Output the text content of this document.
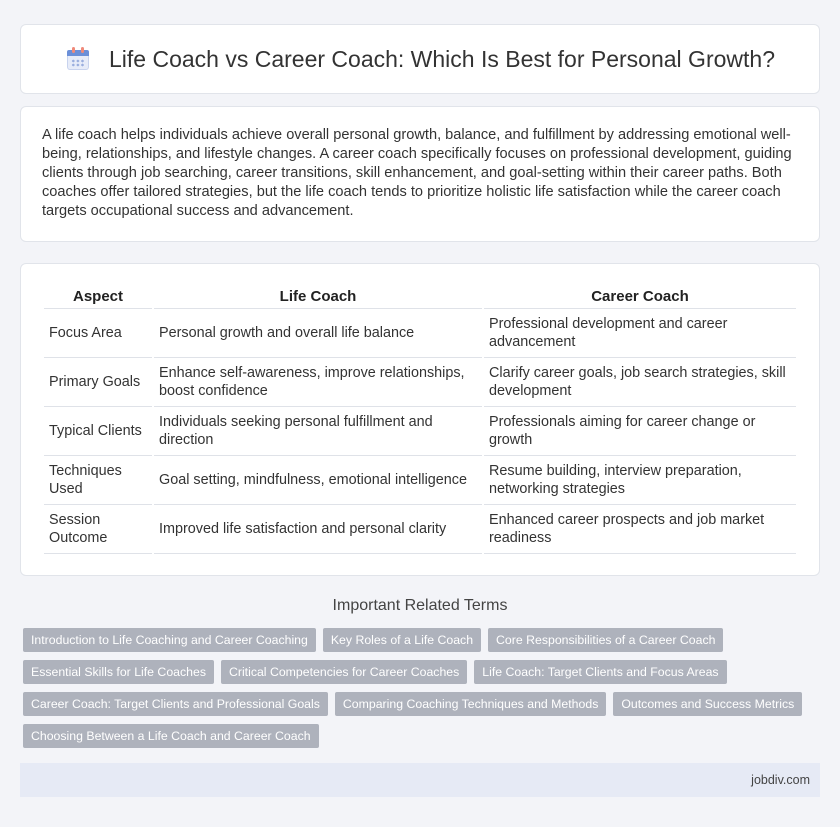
Life Coach vs Career Coach: Which Is Best for Personal Growth?

A life coach helps individuals achieve overall personal growth, balance, and fulfillment by addressing emotional well-being, relationships, and lifestyle changes. A career coach specifically focuses on professional development, guiding clients through job searching, career transitions, skill enhancement, and goal-setting within their career paths. Both coaches offer tailored strategies, but the life coach tends to prioritize holistic life satisfaction while the career coach targets occupational success and advancement.

Aspect	Life Coach	Career Coach
Focus Area	Personal growth and overall life balance	Professional development and career advancement
Primary Goals	Enhance self-awareness, improve relationships, boost confidence	Clarify career goals, job search strategies, skill development
Typical Clients	Individuals seeking personal fulfillment and direction	Professionals aiming for career change or growth
Techniques Used	Goal setting, mindfulness, emotional intelligence	Resume building, interview preparation, networking strategies
Session Outcome	Improved life satisfaction and personal clarity	Enhanced career prospects and job market readiness
Important Related Terms
Introduction to Life Coaching and Career Coaching	Key Roles of a Life Coach	Core Responsibilities of a Career Coach
Essential Skills for Life Coaches	Critical Competencies for Career Coaches	Life Coach: Target Clients and Focus Areas
Career Coach: Target Clients and Professional Goals	Comparing Coaching Techniques and Methods	Outcomes and Success Metrics
Choosing Between a Life Coach and Career Coach
jobdiv.com
